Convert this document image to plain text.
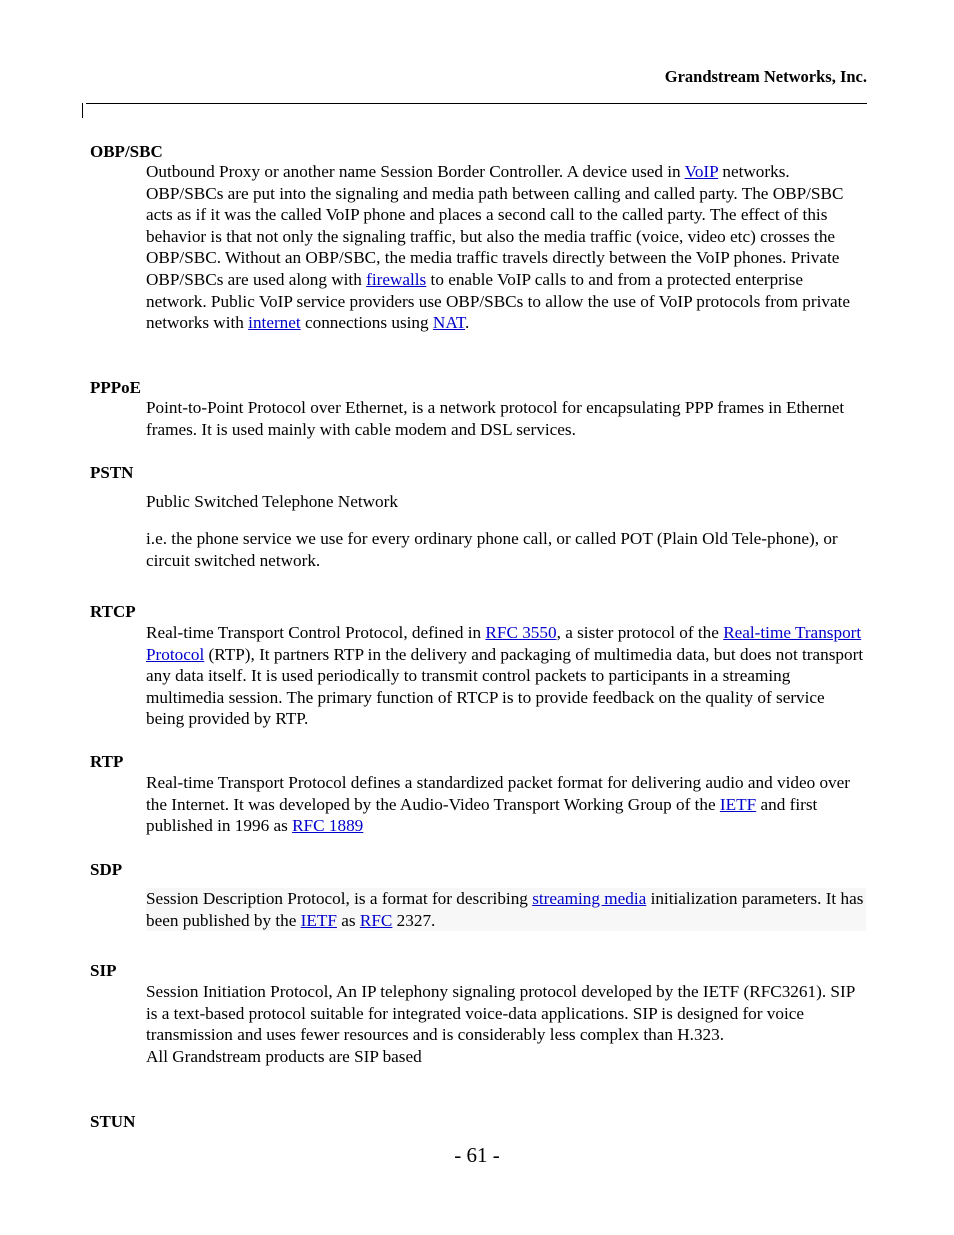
Grandstream Networks, Inc.
OBP/SBC
Outbound Proxy or another name Session Border Controller. A device used in VoIP networks. OBP/SBCs are put into the signaling and media path between calling and called party. The OBP/SBC acts as if it was the called VoIP phone and places a second call to the called party. The effect of this behavior is that not only the signaling traffic, but also the media traffic (voice, video etc) crosses the OBP/SBC. Without an OBP/SBC, the media traffic travels directly between the VoIP phones. Private OBP/SBCs are used along with firewalls to enable VoIP calls to and from a protected enterprise network. Public VoIP service providers use OBP/SBCs to allow the use of VoIP protocols from private networks with internet connections using NAT.
PPPoE
Point-to-Point Protocol over Ethernet, is a network protocol for encapsulating PPP frames in Ethernet frames. It is used mainly with cable modem and DSL services.
PSTN
Public Switched Telephone Network
i.e. the phone service we use for every ordinary phone call, or called POT (Plain Old Tele-phone), or circuit switched network.
RTCP
Real-time Transport Control Protocol, defined in RFC 3550, a sister protocol of the Real-time Transport Protocol (RTP), It partners RTP in the delivery and packaging of multimedia data, but does not transport any data itself. It is used periodically to transmit control packets to participants in a streaming multimedia session. The primary function of RTCP is to provide feedback on the quality of service being provided by RTP.
RTP
Real-time Transport Protocol defines a standardized packet format for delivering audio and video over the Internet. It was developed by the Audio-Video Transport Working Group of the IETF and first published in 1996 as RFC 1889
SDP
Session Description Protocol, is a format for describing streaming media initialization parameters. It has been published by the IETF as RFC 2327.
SIP

Session Initiation Protocol, An IP telephony signaling protocol developed by the IETF (RFC3261). SIP is a text-based protocol suitable for integrated voice-data applications. SIP is designed for voice transmission and uses fewer resources and is considerably less complex than H.323.

All Grandstream products are SIP based

STUN
- 61 -
